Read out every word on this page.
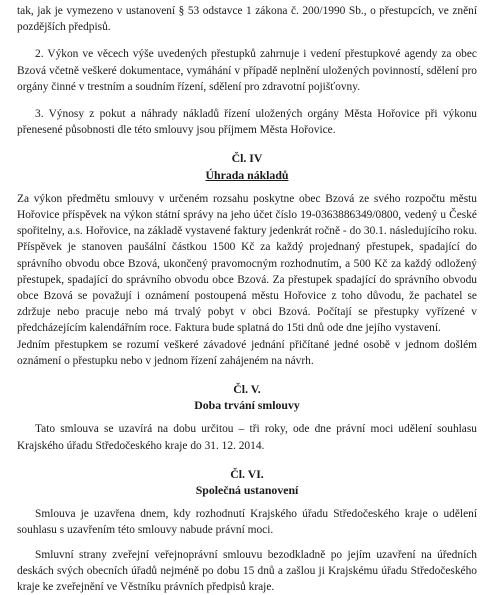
tak, jak je vymezeno v ustanovení § 53 odstavce 1 zákona č. 200/1990 Sb., o přestupcích, ve znění pozdějších předpisů.

2. Výkon ve věcech výše uvedených přestupků zahrnuje i vedení přestupkové agendy za obec Bzová včetně veškeré dokumentace, vymáhání v případě neplnění uložených povinností, sdělení pro orgány činné v trestním a soudním řízení, sdělení pro zdravotní pojišťovny.

3. Výnosy z pokut a náhrady nákladů řízení uložených orgány Města Hořovice při výkonu přenesené působnosti dle této smlouvy jsou příjmem Města Hořovice.

Čl. IV

Úhrada nákladů

Za výkon předmětu smlouvy v určeném rozsahu poskytne obec Bzová ze svého rozpočtu městu Hořovice příspěvek na výkon státní správy na jeho účet číslo 19-0363886349/0800, vedený u České spořitelny, a.s. Hořovice, na základě vystavené faktury jedenkrát ročně - do 30.1. následujícího roku. Příspěvek je stanoven paušální částkou 1500 Kč za každý projednaný přestupek, spadající do správního obvodu obce Bzová, ukončený pravomocným rozhodnutím, a 500 Kč za každý odložený přestupek, spadající do správního obvodu obce Bzová. Za přestupek spadající do správního obvodu obce Bzová se považují i oznámení postoupená městu Hořovice z toho důvodu, že pachatel se zdržuje nebo pracuje nebo má trvalý pobyt v obci Bzová. Počítají se přestupky vyřízené v předcházejícím kalendářním roce. Faktura bude splatná do 15ti dnů ode dne jejího vystavení.

Jedním přestupkem se rozumí veškeré závadové jednání přičítané jedné osobě v jednom došlém oznámení o přestupku nebo v jednom řízení zahájeném na návrh.

Čl. V.

Doba trvání smlouvy

Tato smlouva se uzavírá na dobu určitou – tři roky, ode dne právní moci udělení souhlasu Krajského úřadu Středočeského kraje do 31. 12. 2014.

Čl. VI.

Společná ustanovení

Smlouva je uzavřena dnem, kdy rozhodnutí Krajského úřadu Středočeského kraje o udělení souhlasu s uzavřením této smlouvy nabude právní moci.

Smluvní strany zveřejní veřejnoprávní smlouvu bezodkladně po jejím uzavření na úředních deskách svých obecních úřadů nejméně po dobu 15 dnů a zašlou ji Krajskému úřadu Středočeského kraje ke zveřejnění ve Věstníku právních předpisů kraje.
